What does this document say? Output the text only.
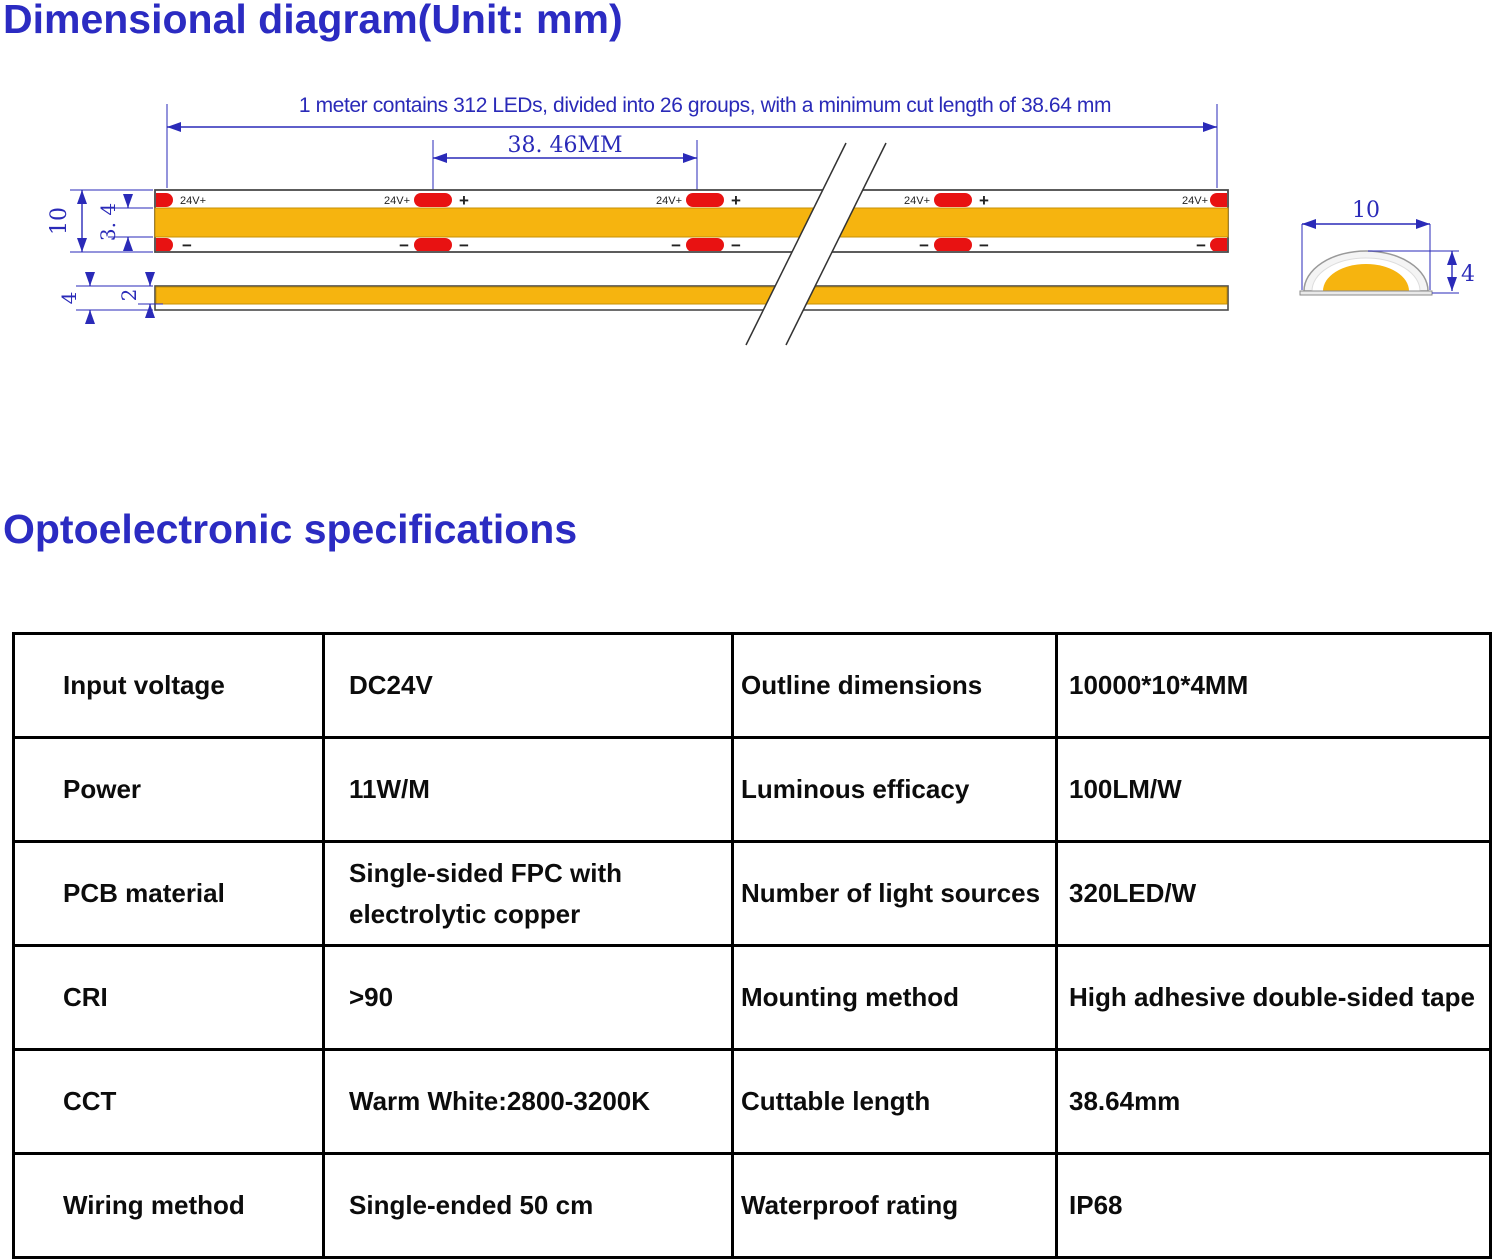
Dimensional diagram(Unit: mm)
1 meter contains 312 LEDs, divided into 26 groups, with a minimum cut length of 38.64 mm
38. 46MM
24V+	24V+	+	24V+	+	24V+	+	24V+
−	−	−	−	−	−	−	−
10 3. 4
4 2
10
4
Optoelectronic specifications
Input voltage	DC24V	Outline dimensions	10000*10*4MM
Power	11W/M	Luminous efficacy	100LM/W
PCB material	Single-sided FPC with electrolytic copper	Number of light sources	320LED/W
CRI	>90	Mounting method	High adhesive double-sided tape
CCT	Warm White:2800-3200K	Cuttable length	38.64mm
Wiring method	Single-ended 50 cm	Waterproof rating	IP68
